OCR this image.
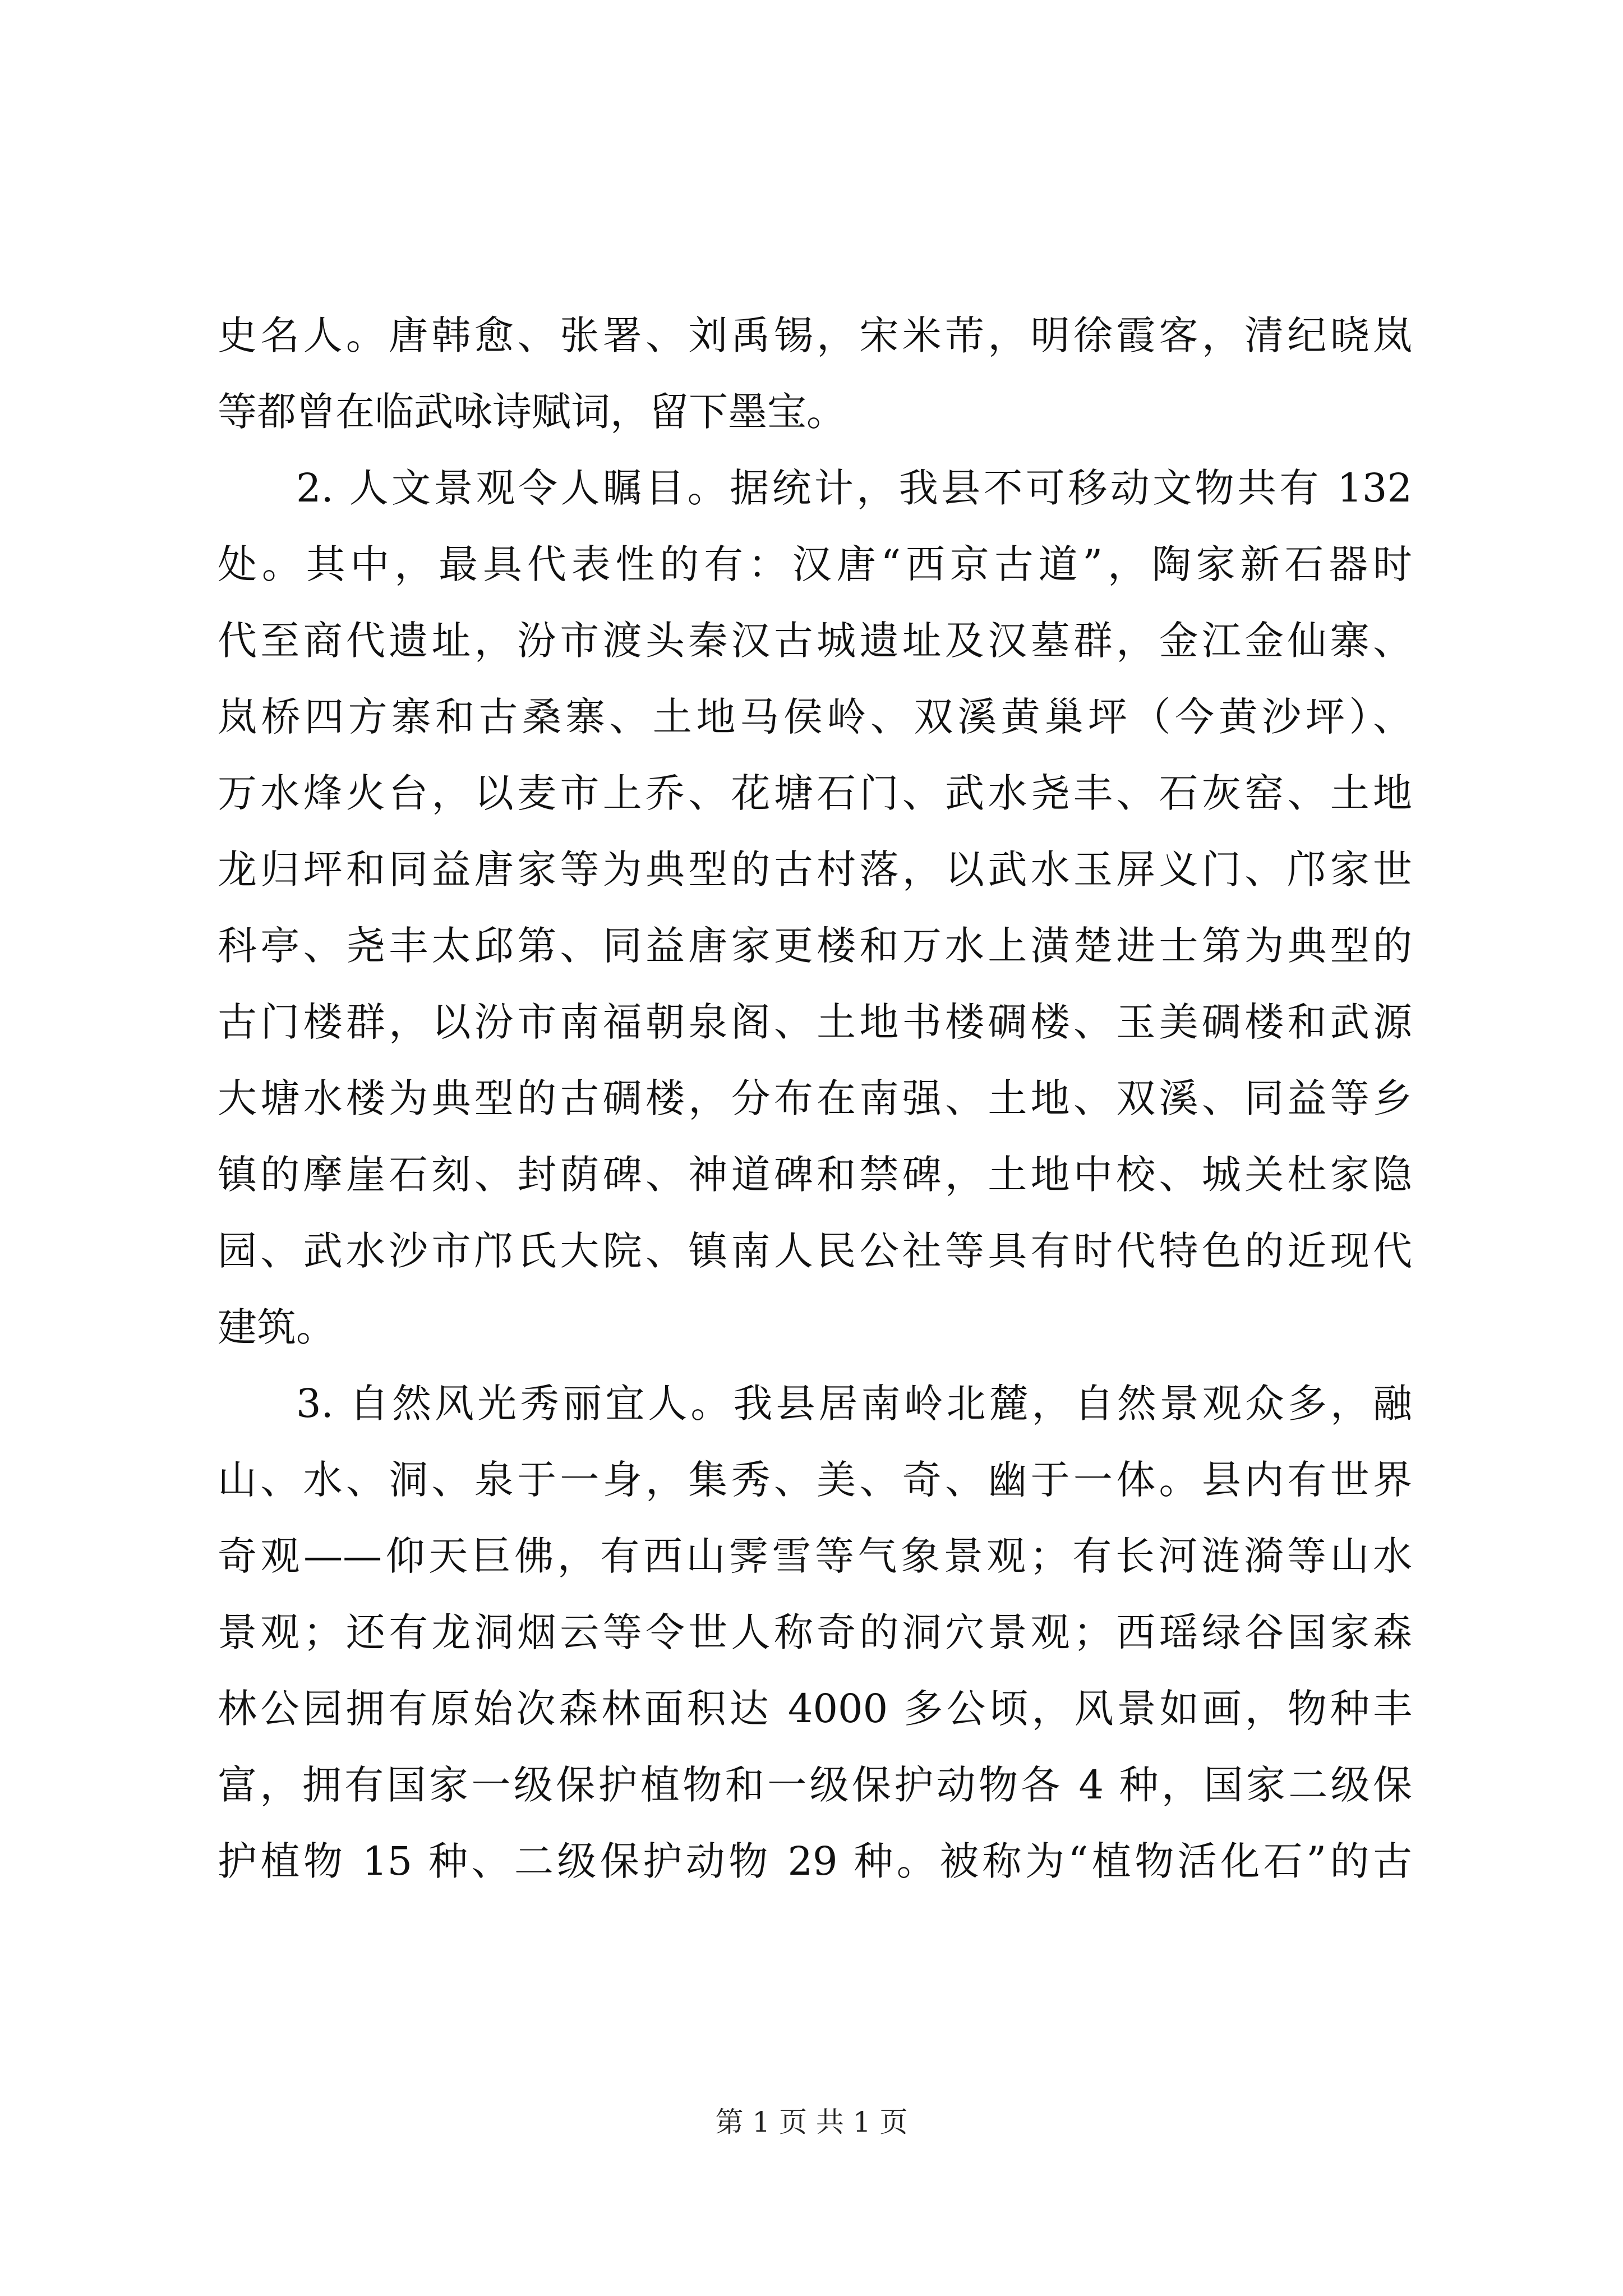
史名人。唐韩愈、张署、刘禹锡，宋米芾，明徐霞客，清纪晓岚
等都曾在临武咏诗赋词，留下墨宝。
2. 人文景观令人瞩目。据统计，我县不可移动文物共有 132
处。其中，最具代表性的有：汉唐“西京古道”，陶家新石器时
代至商代遗址，汾市渡头秦汉古城遗址及汉墓群，金江金仙寨、
岚桥四方寨和古桑寨、土地马侯岭、双溪黄巢坪（今黄沙坪）、
万水烽火台，以麦市上乔、花塘石门、武水尧丰、石灰窑、土地
龙归坪和同益唐家等为典型的古村落，以武水玉屏义门、邝家世
科亭、尧丰太邱第、同益唐家更楼和万水上潢楚进士第为典型的
古门楼群，以汾市南福朝泉阁、土地书楼碉楼、玉美碉楼和武源
大塘水楼为典型的古碉楼，分布在南强、土地、双溪、同益等乡
镇的摩崖石刻、封荫碑、神道碑和禁碑，土地中校、城关杜家隐
园、武水沙市邝氏大院、镇南人民公社等具有时代特色的近现代
建筑。
3. 自然风光秀丽宜人。我县居南岭北麓，自然景观众多，融
山、水、洞、泉于一身，集秀、美、奇、幽于一体。县内有世界
奇观——仰天巨佛，有西山霁雪等气象景观；有长河涟漪等山水
景观；还有龙洞烟云等令世人称奇的洞穴景观；西瑶绿谷国家森
林公园拥有原始次森林面积达 4000 多公顷，风景如画，物种丰
富，拥有国家一级保护植物和一级保护动物各 4 种，国家二级保
护植物 15 种、二级保护动物 29 种。被称为“植物活化石”的古
第 1 页 共 1 页
